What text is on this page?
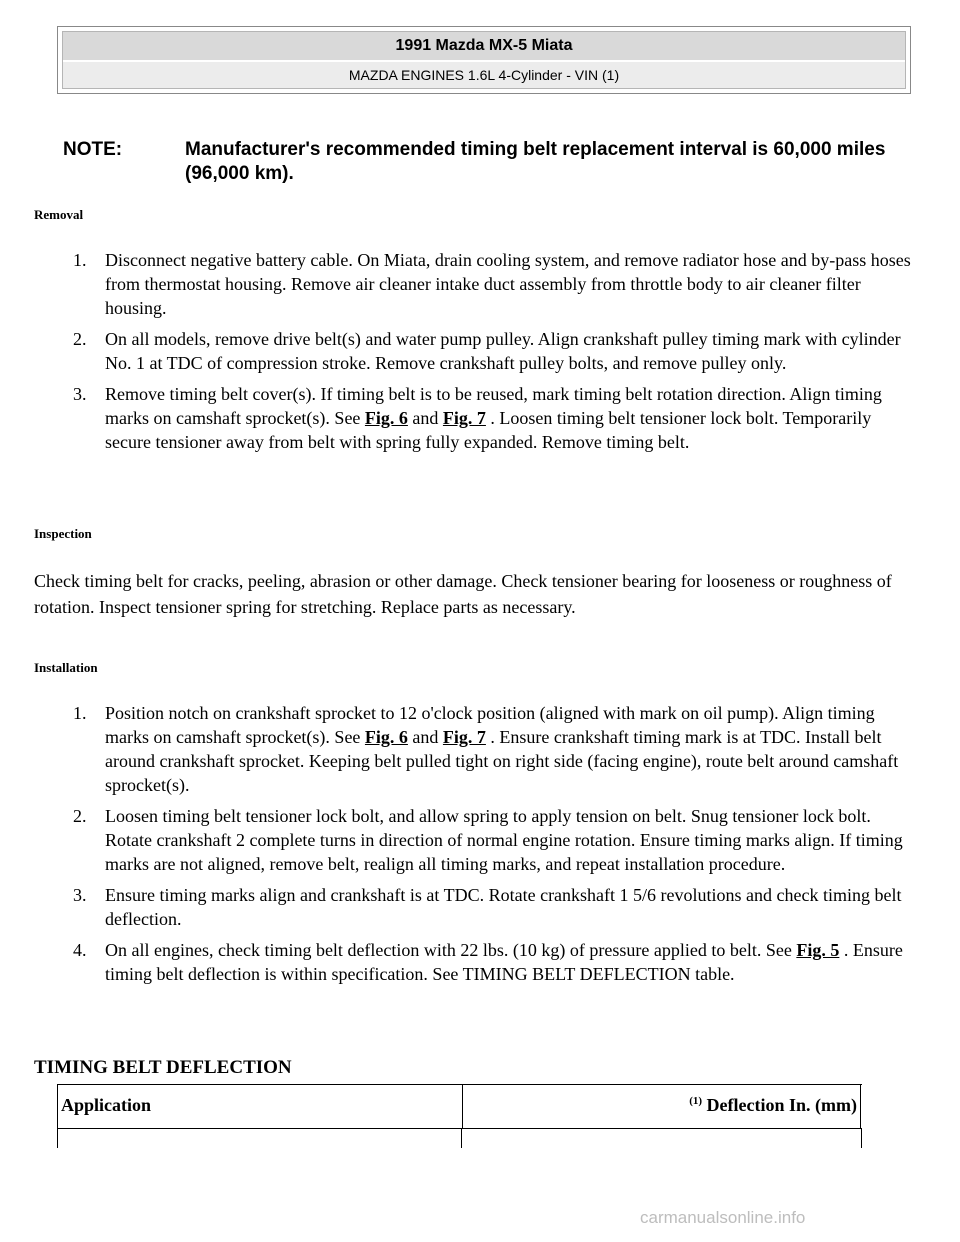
1991 Mazda MX-5 Miata
MAZDA ENGINES 1.6L 4-Cylinder - VIN (1)
NOTE:	Manufacturer's recommended timing belt replacement interval is 60,000 miles (96,000 km).
Removal
1.	Disconnect negative battery cable. On Miata, drain cooling system, and remove radiator hose and by-pass hoses from thermostat housing. Remove air cleaner intake duct assembly from throttle body to air cleaner filter housing.
2.	On all models, remove drive belt(s) and water pump pulley. Align crankshaft pulley timing mark with cylinder No. 1 at TDC of compression stroke. Remove crankshaft pulley bolts, and remove pulley only.
3.	Remove timing belt cover(s). If timing belt is to be reused, mark timing belt rotation direction. Align timing marks on camshaft sprocket(s). See Fig. 6 and Fig. 7 . Loosen timing belt tensioner lock bolt. Temporarily secure tensioner away from belt with spring fully expanded. Remove timing belt.
Inspection

Check timing belt for cracks, peeling, abrasion or other damage. Check tensioner bearing for looseness or roughness of rotation. Inspect tensioner spring for stretching. Replace parts as necessary.

Installation
1.	Position notch on crankshaft sprocket to 12 o'clock position (aligned with mark on oil pump). Align timing marks on camshaft sprocket(s). See Fig. 6 and Fig. 7 . Ensure crankshaft timing mark is at TDC. Install belt around crankshaft sprocket. Keeping belt pulled tight on right side (facing engine), route belt around camshaft sprocket(s).
2.	Loosen timing belt tensioner lock bolt, and allow spring to apply tension on belt. Snug tensioner lock bolt. Rotate crankshaft 2 complete turns in direction of normal engine rotation. Ensure timing marks align. If timing marks are not aligned, remove belt, realign all timing marks, and repeat installation procedure.
3.	Ensure timing marks align and crankshaft is at TDC. Rotate crankshaft 1 5/6 revolutions and check timing belt deflection.
4.	On all engines, check timing belt deflection with 22 lbs. (10 kg) of pressure applied to belt. See Fig. 5 . Ensure timing belt deflection is within specification. See TIMING BELT DEFLECTION table.
TIMING BELT DEFLECTION
Application	$^{(1)}$ Deflection In. (mm)
carmanualsonline.info
